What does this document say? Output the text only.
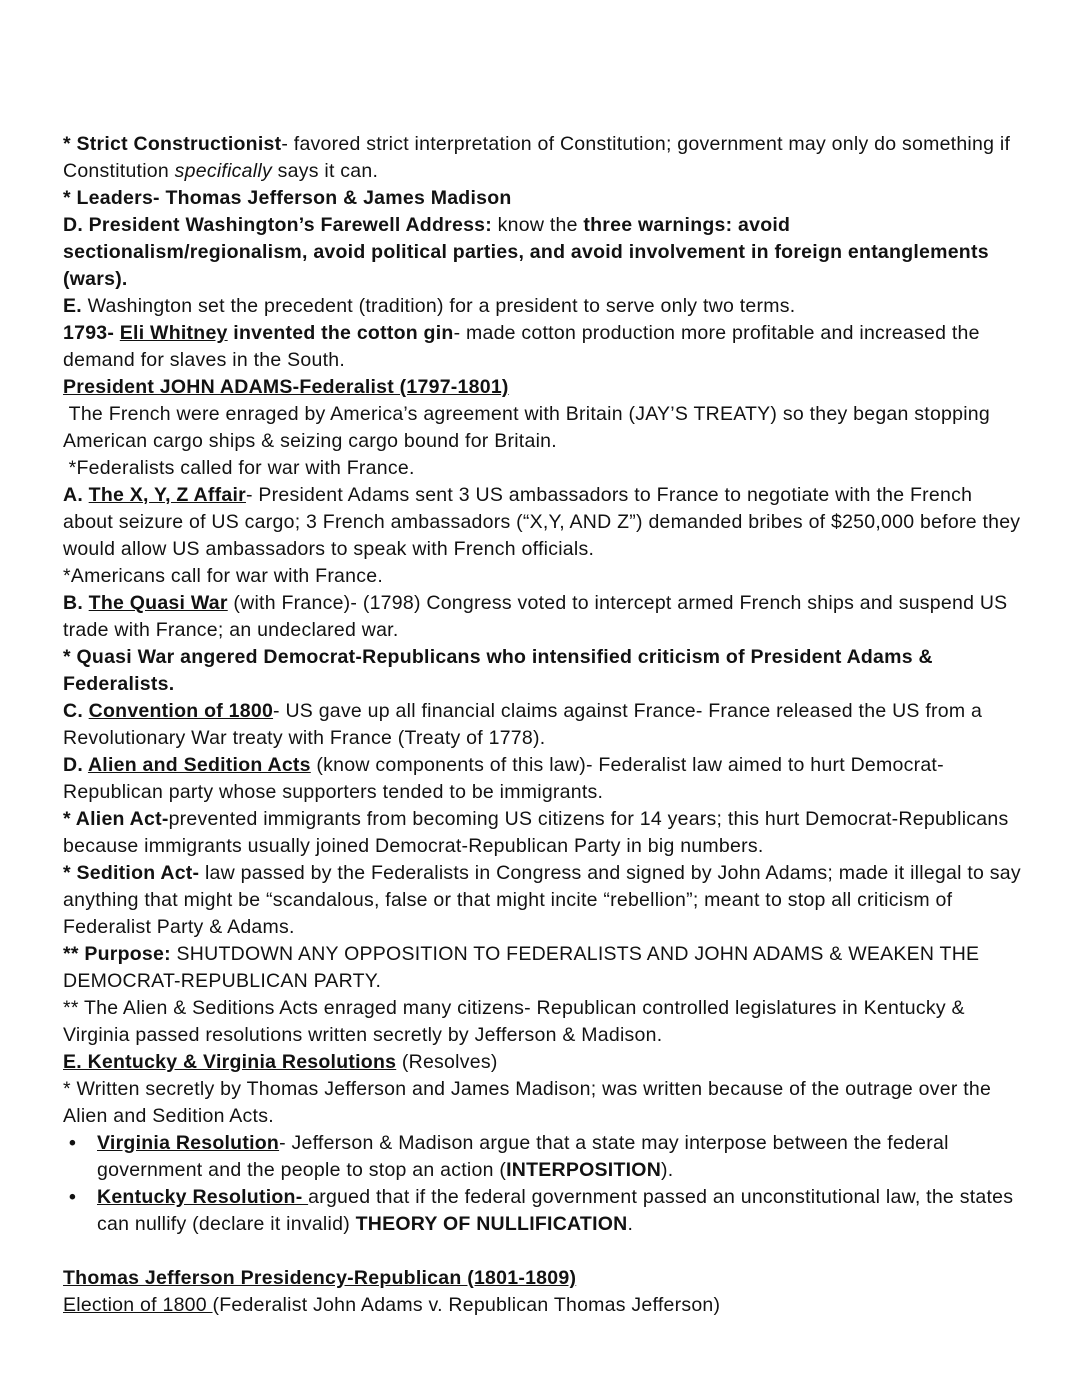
* Strict Constructionist- favored strict interpretation of Constitution; government may only do something if Constitution specifically says it can.
* Leaders- Thomas Jefferson & James Madison
D. President Washington’s Farewell Address: know the three warnings: avoid sectionalism/regionalism, avoid political parties, and avoid involvement in foreign entanglements (wars).
E. Washington set the precedent (tradition) for a president to serve only two terms.
1793- Eli Whitney invented the cotton gin- made cotton production more profitable and increased the demand for slaves in the South.
President JOHN ADAMS-Federalist (1797-1801)
The French were enraged by America’s agreement with Britain (JAY’S TREATY) so they began stopping American cargo ships & seizing cargo bound for Britain.
*Federalists called for war with France.
A. The X, Y, Z Affair- President Adams sent 3 US ambassadors to France to negotiate with the French about seizure of US cargo; 3 French ambassadors (“X,Y, AND Z”) demanded bribes of $250,000 before they would allow US ambassadors to speak with French officials.
*Americans call for war with France.
B. The Quasi War (with France)- (1798) Congress voted to intercept armed French ships and suspend US trade with France; an undeclared war.
* Quasi War angered Democrat-Republicans who intensified criticism of President Adams & Federalists.
C. Convention of 1800- US gave up all financial claims against France- France released the US from a Revolutionary War treaty with France (Treaty of 1778).
D. Alien and Sedition Acts (know components of this law)- Federalist law aimed to hurt Democrat-Republican party whose supporters tended to be immigrants.
* Alien Act-prevented immigrants from becoming US citizens for 14 years; this hurt Democrat-Republicans because immigrants usually joined Democrat-Republican Party in big numbers.
* Sedition Act- law passed by the Federalists in Congress and signed by John Adams; made it illegal to say anything that might be “scandalous, false or that might incite “rebellion”; meant to stop all criticism of Federalist Party & Adams.
** Purpose: SHUTDOWN ANY OPPOSITION TO FEDERALISTS AND JOHN ADAMS & WEAKEN THE DEMOCRAT-REPUBLICAN PARTY.
** The Alien & Seditions Acts enraged many citizens- Republican controlled legislatures in Kentucky & Virginia passed resolutions written secretly by Jefferson & Madison.
E. Kentucky & Virginia Resolutions (Resolves)
* Written secretly by Thomas Jefferson and James Madison; was written because of the outrage over the Alien and Sedition Acts.
•	Virginia Resolution- Jefferson & Madison argue that a state may interpose between the federal government and the people to stop an action (INTERPOSITION).
•	Kentucky Resolution- argued that if the federal government passed an unconstitutional law, the states can nullify (declare it invalid) THEORY OF NULLIFICATION.
Thomas Jefferson Presidency-Republican (1801-1809)
Election of 1800 (Federalist John Adams v. Republican Thomas Jefferson)
